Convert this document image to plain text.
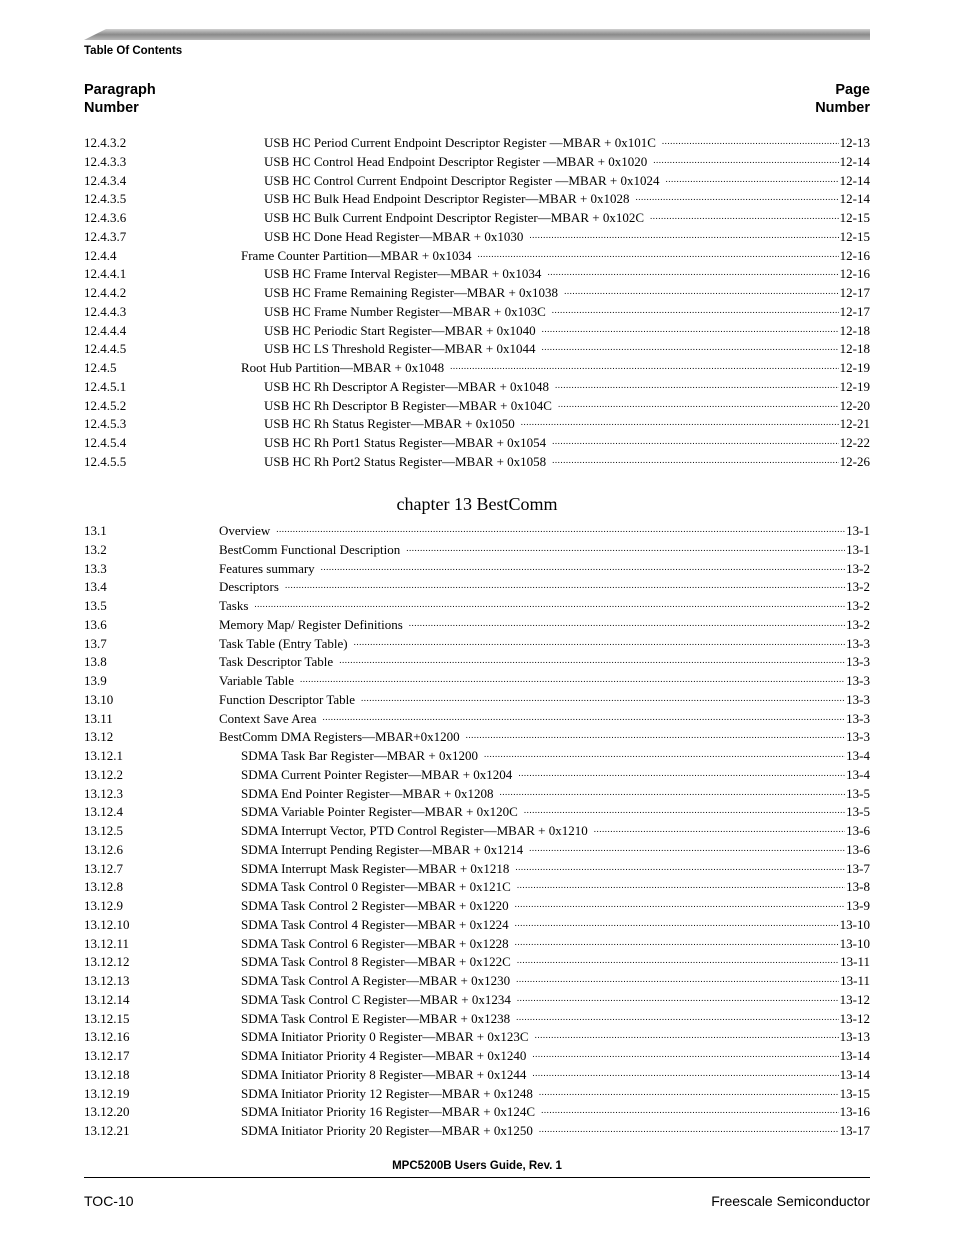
Table Of Contents
Paragraph
Number
Page
Number
12.4.3.2	USB HC Period Current Endpoint Descriptor Register —MBAR + 0x101C .....	12-13
12.4.3.3	USB HC Control Head Endpoint Descriptor Register —MBAR + 0x1020 .....	12-14
12.4.3.4	USB HC Control Current Endpoint Descriptor Register —MBAR + 0x1024 .....	12-14
12.4.3.5	USB HC Bulk Head Endpoint Descriptor Register—MBAR + 0x1028 .....	12-14
12.4.3.6	USB HC Bulk Current Endpoint Descriptor Register—MBAR + 0x102C .....	12-15
12.4.3.7	USB HC Done Head Register—MBAR + 0x1030 .....	12-15
12.4.4	Frame Counter Partition—MBAR + 0x1034 .....	12-16
12.4.4.1	USB HC Frame Interval Register—MBAR + 0x1034 .....	12-16
12.4.4.2	USB HC Frame Remaining Register—MBAR + 0x1038 .....	12-17
12.4.4.3	USB HC Frame Number Register—MBAR + 0x103C .....	12-17
12.4.4.4	USB HC Periodic Start Register—MBAR + 0x1040 .....	12-18
12.4.4.5	USB HC LS Threshold Register—MBAR + 0x1044 .....	12-18
12.4.5	Root Hub Partition—MBAR + 0x1048 .....	12-19
12.4.5.1	USB HC Rh Descriptor A Register—MBAR + 0x1048 .....	12-19
12.4.5.2	USB HC Rh Descriptor B Register—MBAR + 0x104C .....	12-20
12.4.5.3	USB HC Rh Status Register—MBAR + 0x1050 .....	12-21
12.4.5.4	USB HC Rh Port1 Status Register—MBAR + 0x1054 .....	12-22
12.4.5.5	USB HC Rh Port2 Status Register—MBAR + 0x1058 .....	12-26
chapter 13 BestComm
13.1	Overview .....	13-1
13.2	BestComm Functional Description .....	13-1
13.3	Features summary .....	13-2
13.4	Descriptors .....	13-2
13.5	Tasks .....	13-2
13.6	Memory Map/ Register Definitions .....	13-2
13.7	Task Table (Entry Table) .....	13-3
13.8	Task Descriptor Table .....	13-3
13.9	Variable Table .....	13-3
13.10	Function Descriptor Table .....	13-3
13.11	Context Save Area .....	13-3
13.12	BestComm DMA Registers—MBAR+0x1200 .....	13-3
13.12.1	SDMA Task Bar Register—MBAR + 0x1200 .....	13-4
13.12.2	SDMA Current Pointer Register—MBAR + 0x1204 .....	13-4
13.12.3	SDMA End Pointer Register—MBAR + 0x1208 .....	13-5
13.12.4	SDMA Variable Pointer Register—MBAR + 0x120C .....	13-5
13.12.5	SDMA Interrupt Vector, PTD Control Register—MBAR + 0x1210 .....	13-6
13.12.6	SDMA Interrupt Pending Register—MBAR + 0x1214 .....	13-6
13.12.7	SDMA Interrupt Mask Register—MBAR + 0x1218 .....	13-7
13.12.8	SDMA Task Control 0 Register—MBAR + 0x121C .....	13-8
13.12.9	SDMA Task Control 2 Register—MBAR + 0x1220 .....	13-9
13.12.10	SDMA Task Control 4 Register—MBAR + 0x1224 .....	13-10
13.12.11	SDMA Task Control 6 Register—MBAR + 0x1228 .....	13-10
13.12.12	SDMA Task Control 8 Register—MBAR + 0x122C .....	13-11
13.12.13	SDMA Task Control A Register—MBAR + 0x1230 .....	13-11
13.12.14	SDMA Task Control C Register—MBAR + 0x1234 .....	13-12
13.12.15	SDMA Task Control E Register—MBAR + 0x1238 .....	13-12
13.12.16	SDMA Initiator Priority 0 Register—MBAR + 0x123C .....	13-13
13.12.17	SDMA Initiator Priority 4 Register—MBAR + 0x1240 .....	13-14
13.12.18	SDMA Initiator Priority 8 Register—MBAR + 0x1244 .....	13-14
13.12.19	SDMA Initiator Priority 12 Register—MBAR + 0x1248 .....	13-15
13.12.20	SDMA Initiator Priority 16 Register—MBAR + 0x124C .....	13-16
13.12.21	SDMA Initiator Priority 20 Register—MBAR + 0x1250 .....	13-17
MPC5200B Users Guide, Rev. 1
TOC-10	Freescale Semiconductor
